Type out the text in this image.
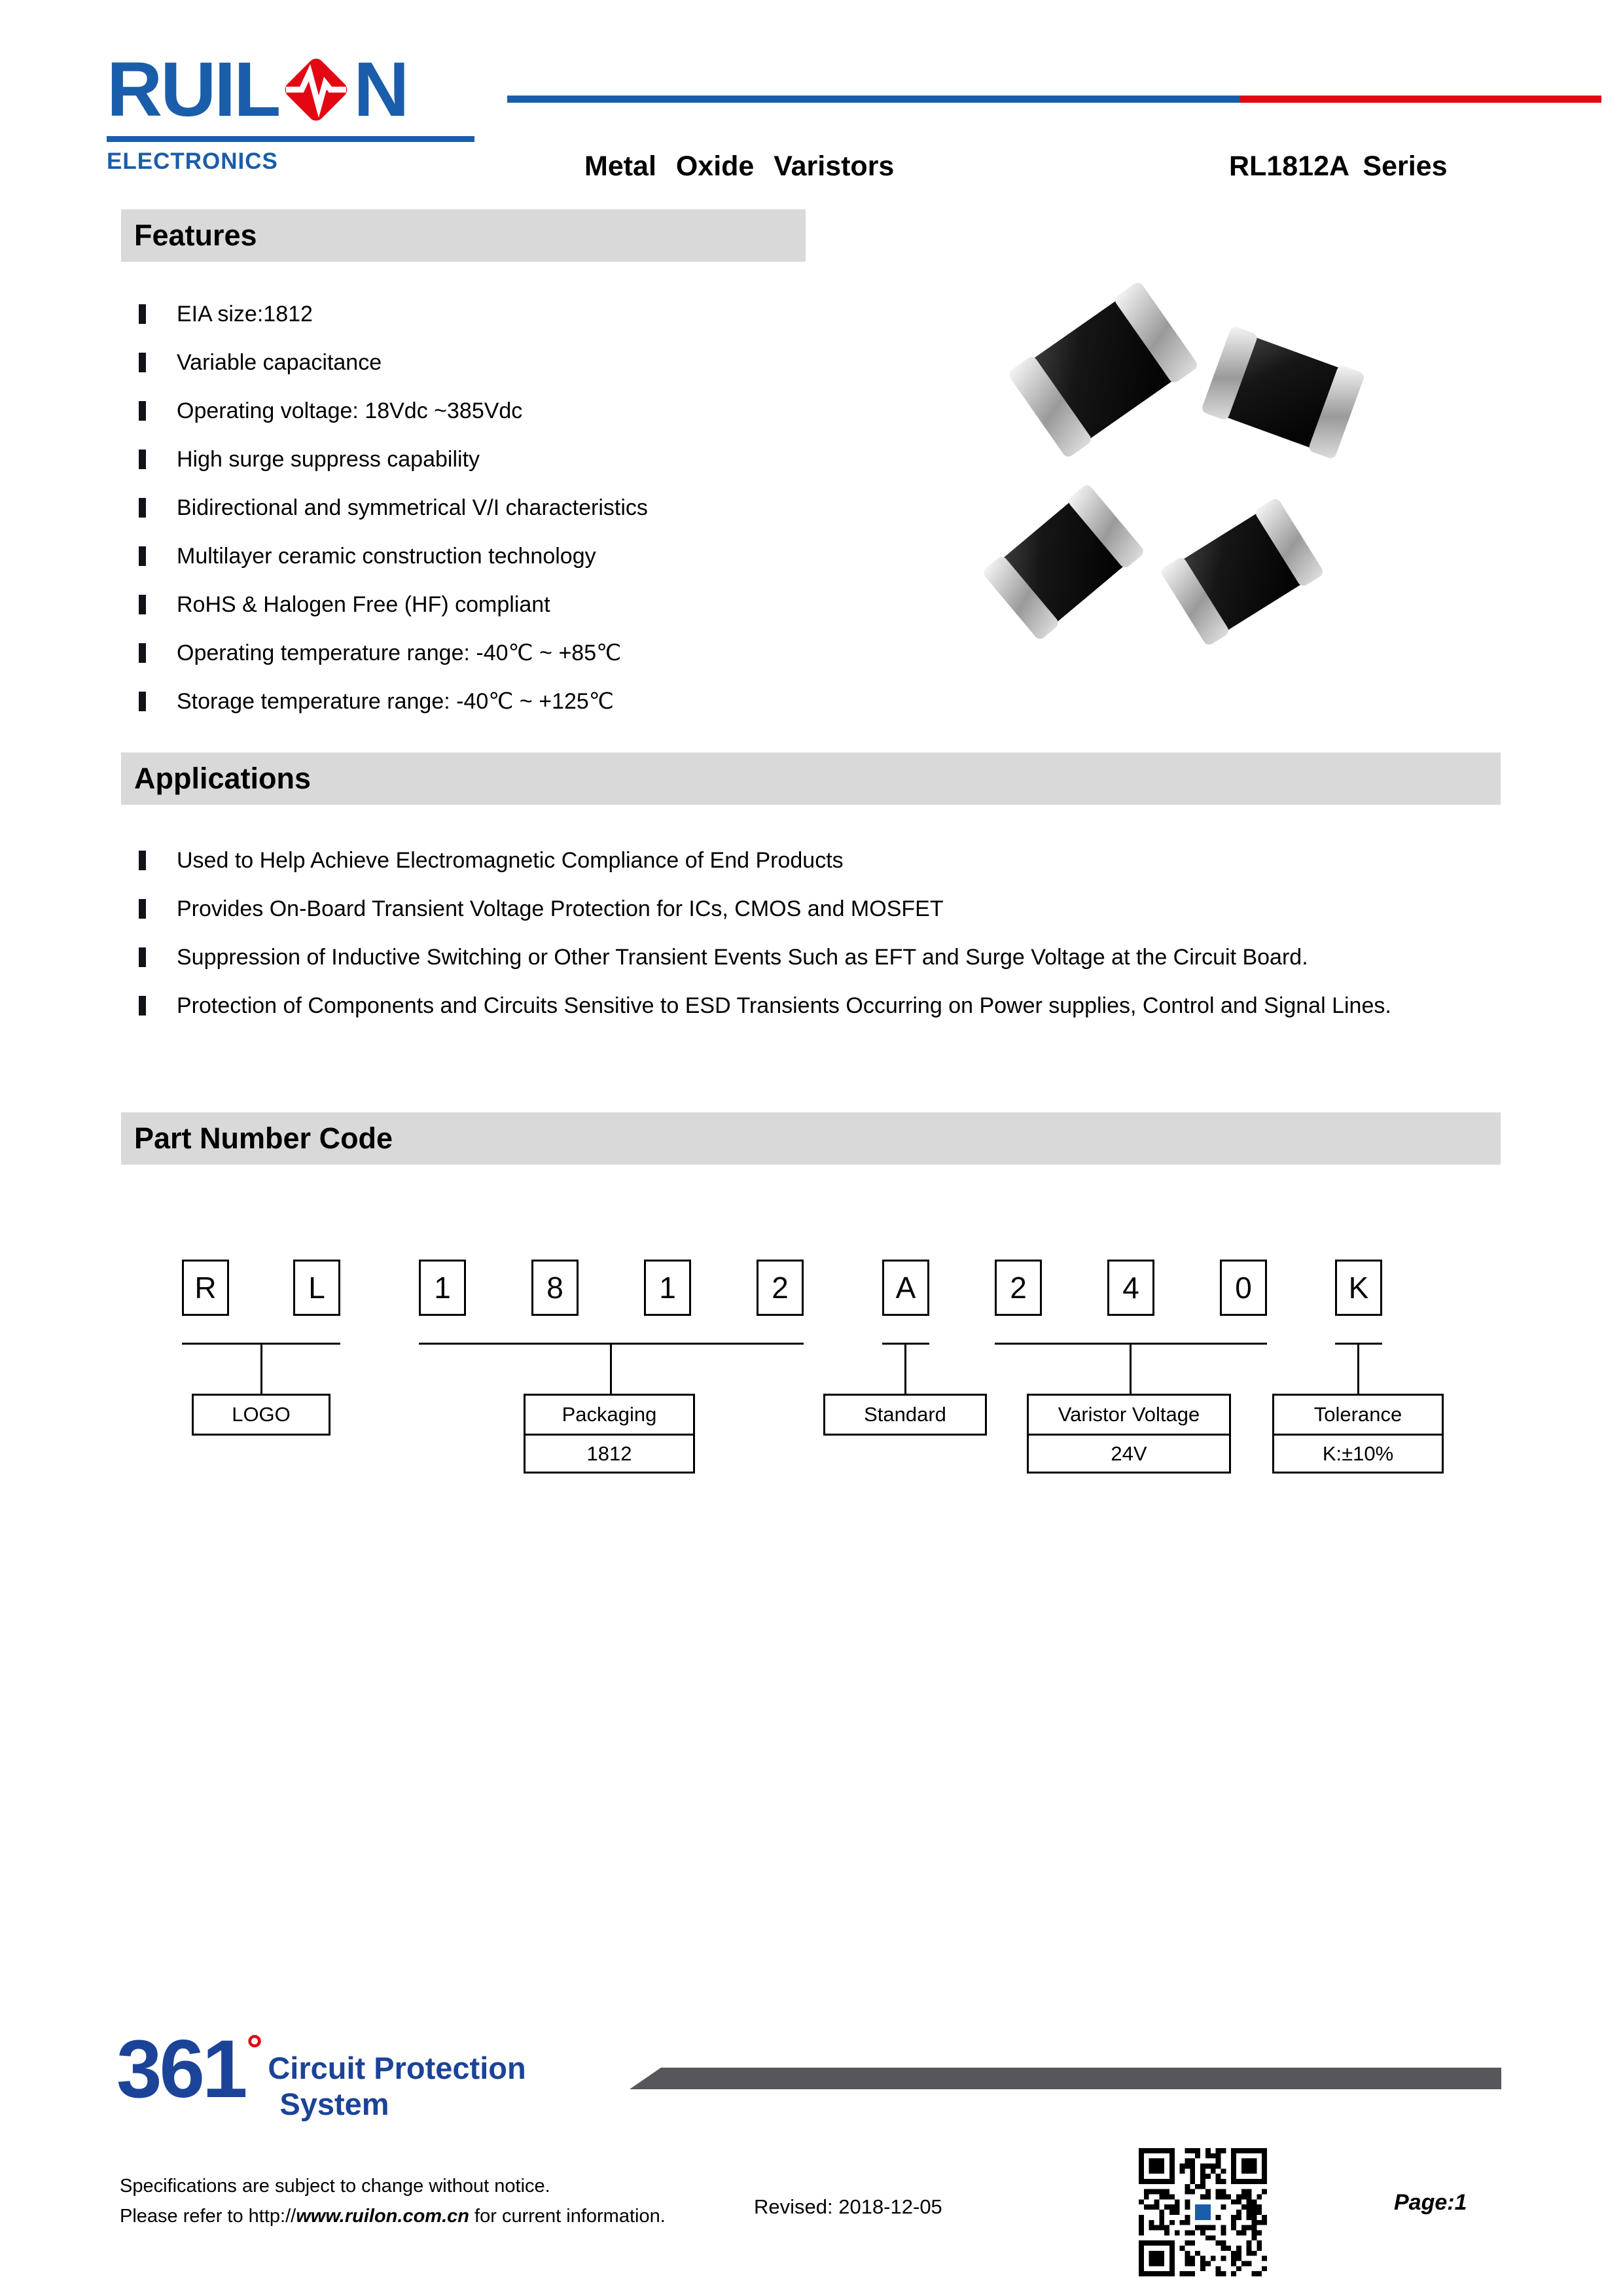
RUIL N
ELECTRONICS	Metal Oxide Varistors	RL1812A Series
Features
EIA size:1812
Variable capacitance
Operating voltage: 18Vdc ~385Vdc
High surge suppress capability
Bidirectional and symmetrical V/I characteristics
Multilayer ceramic construction technology
RoHS & Halogen Free (HF) compliant
Operating temperature range: -40℃ ~ +85℃
Storage temperature range: -40℃ ~ +125℃
Applications
Used to Help Achieve Electromagnetic Compliance of End Products
Provides On-Board Transient Voltage Protection for ICs, CMOS and MOSFET
Suppression of Inductive Switching or Other Transient Events Such as EFT and Surge Voltage at the Circuit Board.
Protection of Components and Circuits Sensitive to ESD Transients Occurring on Power supplies, Control and Signal Lines.
Part Number Code
R	L	1	8	1	2	A	2	4	0	K
LOGO	Packaging
1812
Standard	Varistor Voltage
24V
Tolerance
K:±10%
361 ° Circuit Protection
System
Specifications are subject to change without notice.
Please refer to http://www.ruilon.com.cn for current information.	Revised: 2018-12-05	Page:1
